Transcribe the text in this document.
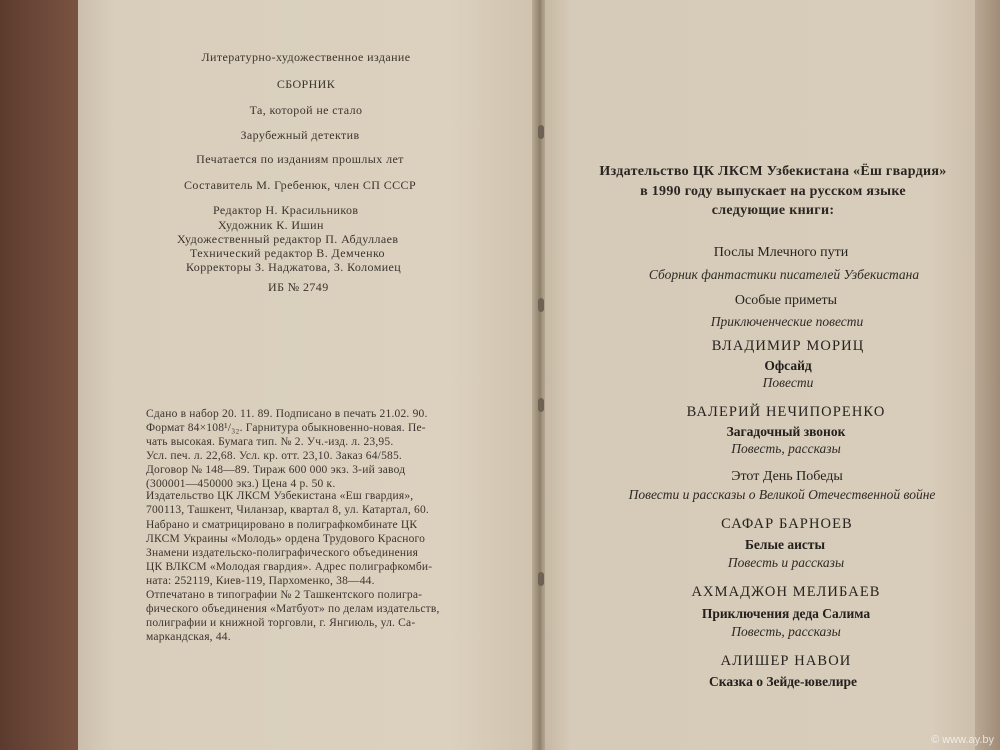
Литературно-художественное издание

СБОРНИК

Та, которой не стало

Зарубежный детектив

Печатается по изданиям прошлых лет

Составитель М. Гребенюк, член СП СССР

Редактор Н. Красильников

Художник К. Ишин

Художественный редактор П. Абдуллаев

Технический редактор В. Демченко

Корректоры З. Наджатова, З. Коломиец

ИБ № 2749

Сдано в набор 20. 11. 89. Подписано в печать 21.02. 90.

Формат 84×108¹/₃₂. Гарнитура обыкновенно-новая. Пе-

чать высокая. Бумага тип. № 2. Уч.-изд. л. 23,95.

Усл. печ. л. 22,68. Усл. кр. отт. 23,10. Заказ 64/585.

Договор № 148—89. Тираж 600 000 экз. 3-ий завод

(300001—450000 экз.) Цена 4 р. 50 к.

Издательство ЦК ЛКСМ Узбекистана «Еш гвардия»,

700113, Ташкент, Чиланзар, квартал 8, ул. Катартал, 60.

Набрано и сматрицировано в полиграфкомбинате ЦК

ЛКСМ Украины «Молодь» ордена Трудового Красного

Знамени издательско-полиграфического объединения

ЦК ВЛКСМ «Молодая гвардия». Адрес полиграфкомби-

ната: 252119, Киев-119, Пархоменко, 38—44.

Отпечатано в типографии № 2 Ташкентского полигра-

фического объединения «Матбуот» по делам издательств,

полиграфии и книжной торговли, г. Янгиюль, ул. Са-

маркандская, 44.

Издательство ЦК ЛКСМ Узбекистана «Ёш гвардия»

в 1990 году выпускает на русском языке

следующие книги:

Послы Млечного пути

Сборник фантастики писателей Узбекистана

Особые приметы

Приключенческие повести

ВЛАДИМИР МОРИЦ

Офсайд

Повести

ВАЛЕРИЙ НЕЧИПОРЕНКО

Загадочный звонок

Повесть, рассказы

Этот День Победы

Повести и рассказы о Великой Отечественной войне

САФАР БАРНОЕВ

Белые аисты

Повесть и рассказы

АХМАДЖОН МЕЛИБАЕВ

Приключения деда Салима

Повесть, рассказы

АЛИШЕР НАВОИ

Сказка о Зейде-ювелире

© www.ay.by
